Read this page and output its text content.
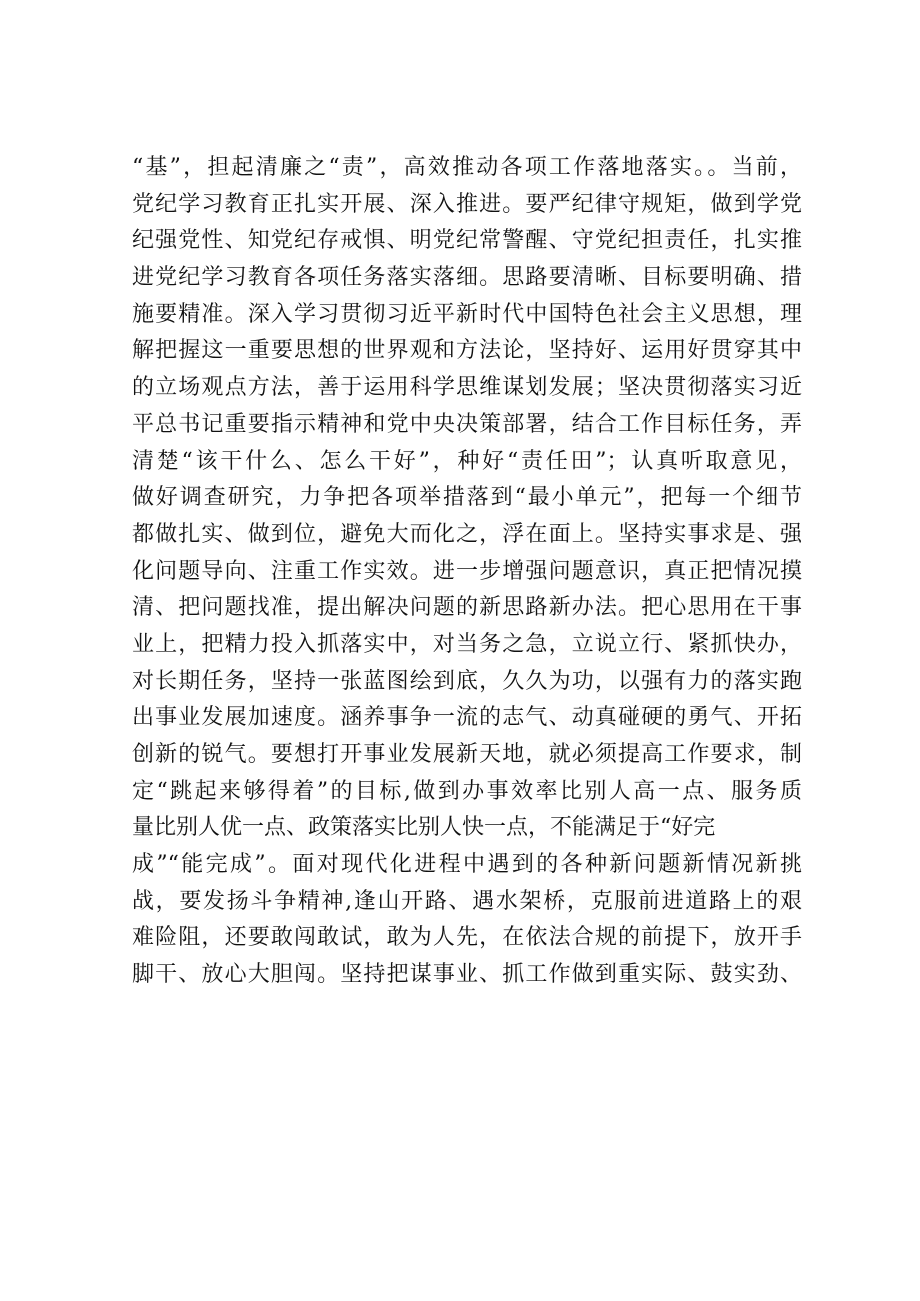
“基”，担起清廉之“责”，高效推动各项工作落地落实。。当前，
党纪学习教育正扎实开展、深入推进。要严纪律守规矩，做到学党
纪强党性、知党纪存戒惧、明党纪常警醒、守党纪担责任，扎实推
进党纪学习教育各项任务落实落细。思路要清晰、目标要明确、措
施要精准。深入学习贯彻习近平新时代中国特色社会主义思想，理
解把握这一重要思想的世界观和方法论，坚持好、运用好贯穿其中
的立场观点方法，善于运用科学思维谋划发展；坚决贯彻落实习近
平总书记重要指示精神和党中央决策部署，结合工作目标任务，弄
清楚“该干什么、怎么干好”，种好“责任田”；认真听取意见，
做好调查研究，力争把各项举措落到“最小单元”，把每一个细节
都做扎实、做到位，避免大而化之，浮在面上。坚持实事求是、强
化问题导向、注重工作实效。进一步增强问题意识，真正把情况摸
清、把问题找准，提出解决问题的新思路新办法。把心思用在干事
业上，把精力投入抓落实中，对当务之急，立说立行、紧抓快办，
对长期任务，坚持一张蓝图绘到底，久久为功，以强有力的落实跑
出事业发展加速度。涵养事争一流的志气、动真碰硬的勇气、开拓
创新的锐气。要想打开事业发展新天地，就必须提高工作要求，制
定“跳起来够得着”的目标,做到办事效率比别人高一点、服务质
量比别人优一点、政策落实比别人快一点，不能满足于“好完
成”“能完成”。面对现代化进程中遇到的各种新问题新情况新挑
战，要发扬斗争精神,逢山开路、遇水架桥，克服前进道路上的艰
难险阻，还要敢闯敢试，敢为人先，在依法合规的前提下，放开手
脚干、放心大胆闯。坚持把谋事业、抓工作做到重实际、鼓实劲、
